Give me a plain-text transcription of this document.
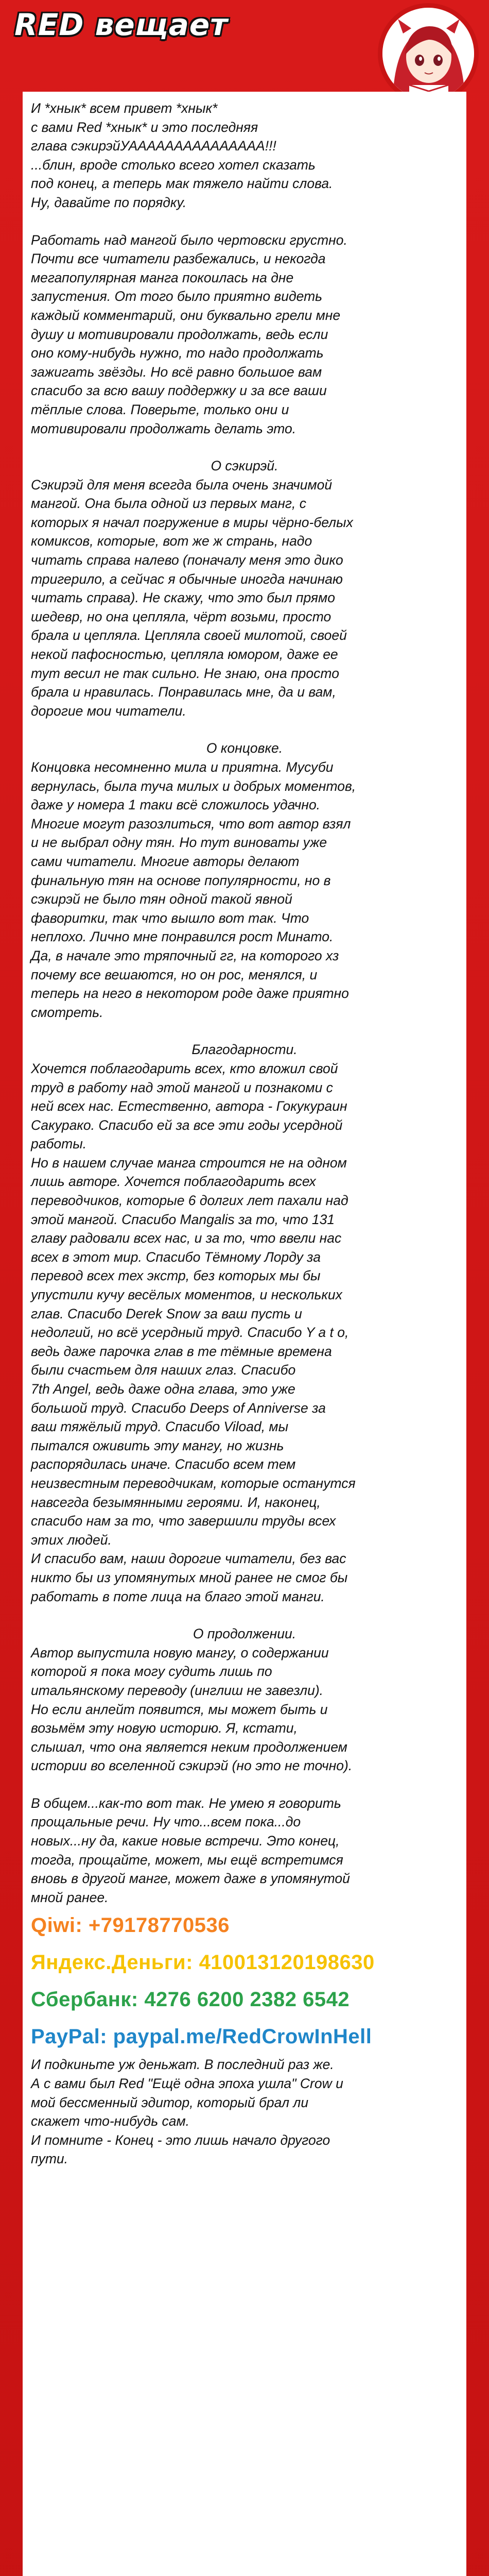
RED вещает

И *хнык* всем привет *хнык*

с вами Red *хнык* и это последняя

глава сэкирэйУААААААААААААААА!!!

...блин, вроде столько всего хотел сказать

под конец, а теперь мак тяжело найти слова.

Ну, давайте по порядку.

Работать над мангой было чертовски грустно.

Почти все читатели разбежались, и некогда

мегапопулярная манга покоилась на дне

запустения. От того было приятно видеть

каждый комментарий, они буквально грели мне

душу и мотивировали продолжать, ведь если

оно кому-нибудь нужно, то надо продолжать

зажигать звёзды. Но всё равно большое вам

спасибо за всю вашу поддержку и за все ваши

тёплые слова. Поверьте, только они и

мотивировали продолжать делать это.

О сэкирэй.

Сэкирэй для меня всегда была очень значимой

мангой. Она была одной из первых манг, с

которых я начал погружение в миры чёрно-белых

комиксов, которые, вот же ж странь, надо

читать справа налево (поначалу меня это дико

тригерило, а сейчас я обычные иногда начинаю

читать справа). Не скажу, что это был прямо

шедевр, но она цепляла, чёрт возьми, просто

брала и цепляла. Цепляла своей милотой, своей

некой пафосностью, цепляла юмором, даже ее

тут весил не так сильно. Не знаю, она просто

брала и нравилась. Понравилась мне, да и вам,

дорогие мои читатели.

О концовке.

Концовка несомненно мила и приятна. Мусуби

вернулась, была туча милых и добрых моментов,

даже у номера 1 таки всё сложилось удачно.

Многие могут разозлиться, что вот автор взял

и не выбрал одну тян. Но тут виноваты уже

сами читатели. Многие авторы делают

финальную тян на основе популярности, но в

сэкирэй не было тян одной такой явной

фаворитки, так что вышло вот так. Что

неплохо. Лично мне понравился рост Минато.

Да, в начале это тряпочный гг, на которого хз

почему все вешаются, но он рос, менялся, и

теперь на него в некотором роде даже приятно

смотреть.

Благодарности.

Хочется поблагодарить всех, кто вложил свой

труд в работу над этой мангой и познакоми с

ней всех нас. Естественно, автора - Гокукураин

Сакурако. Спасибо ей за все эти годы усердной

работы.

Но в нашем случае манга строится не на одном

лишь авторе. Хочется поблагодарить всех

переводчиков, которые 6 долгих лет пахали над

этой мангой. Спасибо Mangalis за то, что 131

главу радовали всех нас, и за то, что ввели нас

всех в этот мир. Спасибо Тёмному Лорду за

перевод всех тех экстр, без которых мы бы

упустили кучу весёлых моментов, и нескольких

глав. Спасибо Derek Snow за ваш пусть и

недолгий, но всё усердный труд. Спасибо Y a t o,

ведь даже парочка глав в те тёмные времена

были счастьем для наших глаз. Спасибо

7th Angel, ведь даже одна глава, это уже

большой труд. Спасибо Deeps of Anniverse за

ваш тяжёлый труд. Спасибо Viload, мы

пытался оживить эту мангу, но жизнь

распорядилась иначе. Спасибо всем тем

неизвестным переводчикам, которые останутся

навсегда безымянными героями. И, наконец,

спасибо нам за то, что завершили труды всех

этих людей.

И спасибо вам, наши дорогие читатели, без вас

никто бы из упомянутых мной ранее не смог бы

работать в поте лица на благо этой манги.

О продолжении.

Автор выпустила новую мангу, о содержании

которой я пока могу судить лишь по

итальянскому переводу (инглиш не завезли).

Но если анлейт появится, мы может быть и

возьмём эту новую историю. Я, кстати,

слышал, что она является неким продолжением

истории во вселенной сэкирэй (но это не точно).

В общем...как-то вот так. Не умею я говорить

прощальные речи. Ну что...всем пока...до

новых...ну да, какие новые встречи. Это конец,

тогда, прощайте, может, мы ещё встретимся

вновь в другой манге, может даже в упомянутой

мной ранее.

Qiwi: +79178770536

Яндекс.Деньги: 410013120198630

Сбербанк: 4276 6200 2382 6542

PayPal: paypal.me/RedCrowInHell

И подкиньте уж деньжат. В последний раз же.

А с вами был Red "Ещё одна эпоха ушла" Crow и

мой бессменный эдитор, который брал ли

скажет что-нибудь сам.

И помните - Конец - это лишь начало другого

пути.
